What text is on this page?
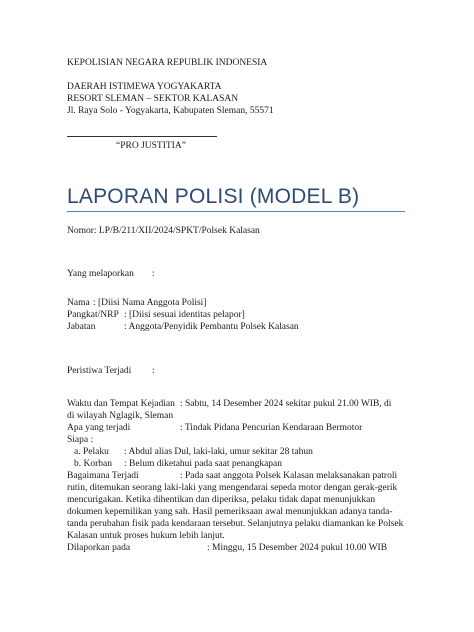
KEPOLISIAN NEGARA REPUBLIK INDONESIA
DAERAH ISTIMEWA YOGYAKARTA
RESORT SLEMAN – SEKTOR KALASAN
Jl. Raya Solo - Yogyakarta, Kabupaten Sleman, 55571
“PRO JUSTITIA”
LAPORAN POLISI (MODEL B)
Nomor: LP/B/211/XII/2024/SPKT/Polsek Kalasan
Yang melaporkan :
Nama : [Diisi Nama Anggota Polisi]
Pangkat/NRP : [Diisi sesuai identitas pelapor]
Jabatan	: Anggota/Penyidik Pembantu Polsek Kalasan
Peristiwa Terjadi :
Waktu dan Tempat Kejadian : Sabtu, 14 Desember 2024 sekitar pukul 21.00 WIB, di
di wilayah Nglagik, Sleman
Apa yang terjadi	: Tindak Pidana Pencurian Kendaraan Bermotor
Siapa :
a. Pelaku : Abdul alias Dul, laki-laki, umur sekitar 28 tahun
b. Korban : Belum diketahui pada saat penangkapan
Bagaimana Terjadi	: Pada saat anggota Polsek Kalasan melaksanakan patroli
rutin, ditemukan seorang laki-laki yang mengendarai sepeda motor dengan gerak-gerik mencurigakan. Ketika dihentikan dan diperiksa, pelaku tidak dapat menunjukkan dokumen kepemilikan yang sah. Hasil pemeriksaan awal menunjukkan adanya tanda-tanda perubahan fisik pada kendaraan tersebut. Selanjutnya pelaku diamankan ke Polsek Kalasan untuk proses hukum lebih lanjut.
Dilaporkan pada	: Minggu, 15 Desember 2024 pukul 10.00 WIB
